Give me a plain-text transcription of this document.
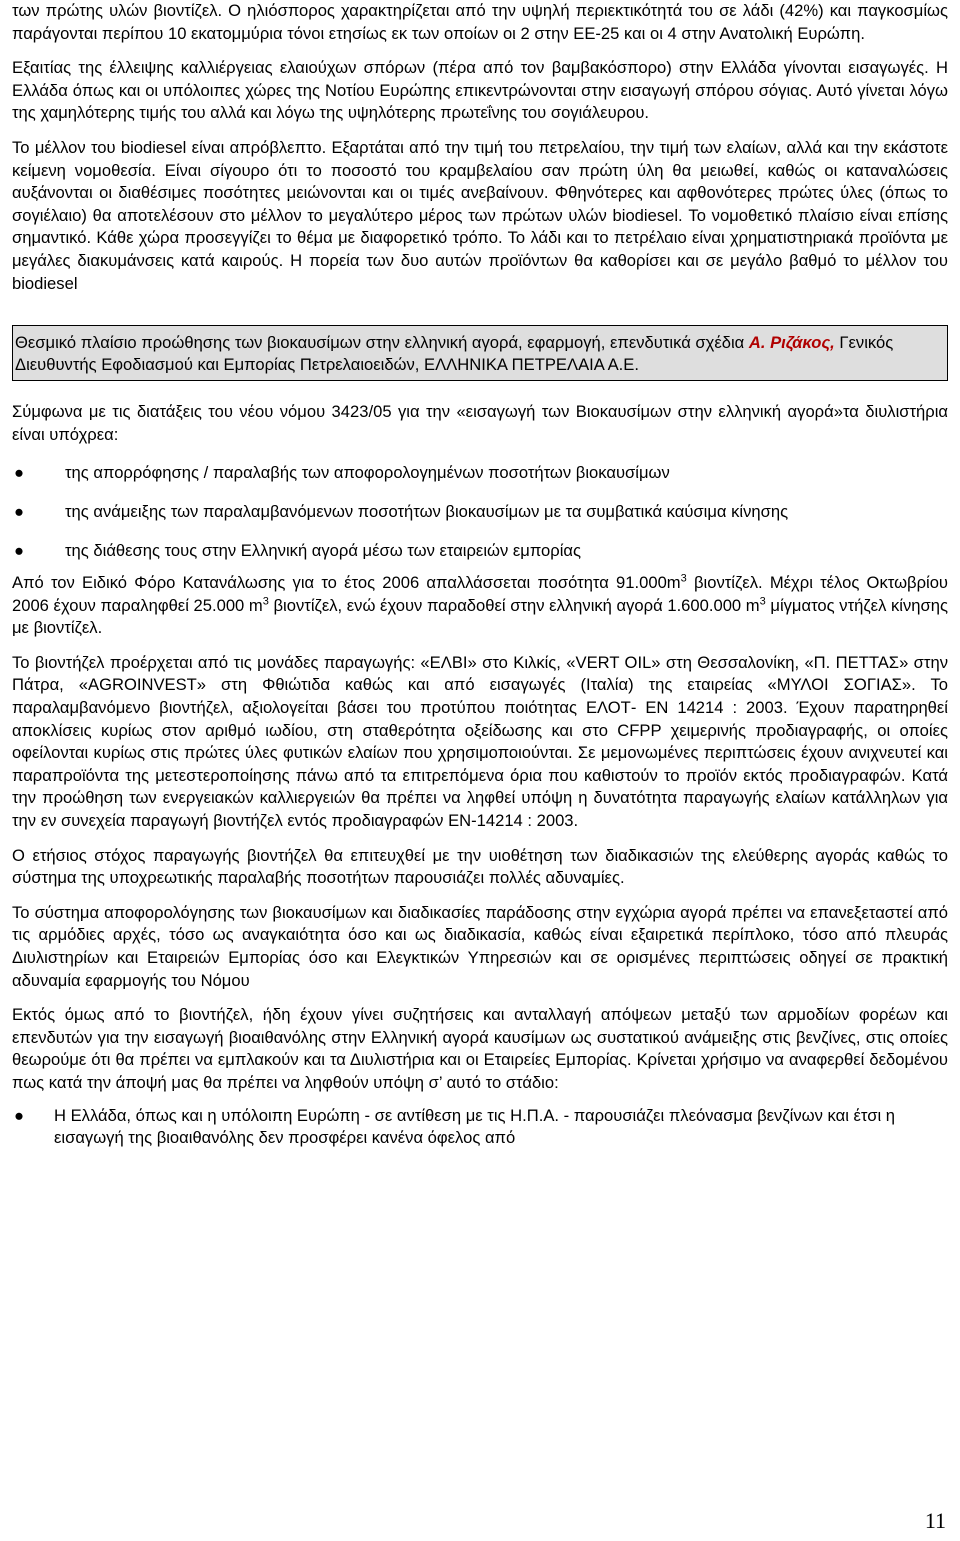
των πρώτης υλών βιοντίζελ. Ο ηλιόσπορος χαρακτηρίζεται από την υψηλή περιεκτικότητά του σε λάδι (42%) και παγκοσμίως παράγονται περίπου 10 εκατομμύρια τόνοι ετησίως εκ των οποίων οι 2 στην ΕΕ-25 και οι 4 στην Ανατολική Ευρώπη.

Εξαιτίας της έλλειψης καλλιέργειας ελαιούχων σπόρων (πέρα από τον βαμβακόσπορο) στην Ελλάδα γίνονται εισαγωγές. Η Ελλάδα όπως και οι υπόλοιπες χώρες της Νοτίου Ευρώπης επικεντρώνονται στην εισαγωγή σπόρου σόγιας. Αυτό γίνεται λόγω της χαμηλότερης τιμής του αλλά και λόγω της υψηλότερης πρωτεΐνης του σογιάλευρου.

Το μέλλον του biodiesel είναι απρόβλεπτο. Εξαρτάται από την τιμή του πετρελαίου, την τιμή των ελαίων, αλλά και την εκάστοτε κείμενη νομοθεσία. Είναι σίγουρο ότι το ποσοστό του κραμβελαίου σαν πρώτη ύλη θα μειωθεί, καθώς οι καταναλώσεις αυξάνονται οι διαθέσιμες ποσότητες μειώνονται και οι τιμές ανεβαίνουν. Φθηνότερες και αφθονότερες πρώτες ύλες (όπως το σογιέλαιο) θα αποτελέσουν στο μέλλον το μεγαλύτερο μέρος των πρώτων υλών biodiesel. Το νομοθετικό πλαίσιο είναι επίσης σημαντικό. Κάθε χώρα προσεγγίζει το θέμα με διαφορετικό τρόπο. Το λάδι και το πετρέλαιο είναι χρηματιστηριακά προϊόντα με μεγάλες διακυμάνσεις κατά καιρούς. Η πορεία των δυο αυτών προϊόντων θα καθορίσει και σε μεγάλο βαθμό το μέλλον του biodiesel

Θεσμικό πλαίσιο προώθησης των βιοκαυσίμων στην ελληνική αγορά, εφαρμογή, επενδυτικά σχέδια Α. Ριζάκος, Γενικός Διευθυντής Εφοδιασμού και Εμπορίας Πετρελαιοειδών, ΕΛΛΗΝΙΚΑ ΠΕΤΡΕΛΑΙΑ Α.Ε.

Σύμφωνα με τις διατάξεις του νέου νόμου 3423/05 για την «εισαγωγή των Βιοκαυσίμων στην ελληνική αγορά»τα διυλιστήρια είναι υπόχρεα:

● της απορρόφησης / παραλαβής των αποφορολογημένων ποσοτήτων βιοκαυσίμων
● της ανάμειξης των παραλαμβανόμενων ποσοτήτων βιοκαυσίμων με τα συμβατικά καύσιμα κίνησης
● της διάθεσης τους στην Ελληνική αγορά μέσω των εταιρειών εμπορίας

Από τον Ειδικό Φόρο Κατανάλωσης για το έτος 2006 απαλλάσσεται ποσότητα $91.000m^3$ βιοντίζελ. Μέχρι τέλος Οκτωβρίου 2006 έχουν παραληφθεί 25.000 $m^3$ βιοντίζελ, ενώ έχουν παραδοθεί στην ελληνική αγορά 1.600.000 $m^3$ μίγματος ντήζελ κίνησης με βιοντίζελ.

Το βιοντήζελ προέρχεται από τις μονάδες παραγωγής: «ΕΛΒΙ» στο Κιλκίς, «VERT OIL» στη Θεσσαλονίκη, «Π. ΠΕΤΤΑΣ» στην Πάτρα, «AGROINVEST» στη Φθιώτιδα καθώς και από εισαγωγές (Ιταλία) της εταιρείας «ΜΥΛΟΙ ΣΟΓΙΑΣ». Το παραλαμβανόμενο βιοντήζελ, αξιολογείται βάσει του προτύπου ποιότητας ΕΛΟΤ- ΕΝ 14214 : 2003. Έχουν παρατηρηθεί αποκλίσεις κυρίως στον αριθμό ιωδίου, στη σταθερότητα οξείδωσης και στο CFPP χειμερινής προδιαγραφής, οι οποίες οφείλονται κυρίως στις πρώτες ύλες φυτικών ελαίων που χρησιμοποιούνται. Σε μεμονωμένες περιπτώσεις έχουν ανιχνευτεί και παραπροϊόντα της μετεστεροποίησης πάνω από τα επιτρεπόμενα όρια που καθιστούν το προϊόν εκτός προδιαγραφών. Κατά την προώθηση των ενεργειακών καλλιεργειών θα πρέπει να ληφθεί υπόψη η δυνατότητα παραγωγής ελαίων κατάλληλων για την εν συνεχεία παραγωγή βιοντήζελ εντός προδιαγραφών ΕΝ-14214 : 2003.

Ο ετήσιος στόχος παραγωγής βιοντήζελ θα επιτευχθεί με την υιοθέτηση των διαδικασιών της ελεύθερης αγοράς καθώς το σύστημα της υποχρεωτικής παραλαβής ποσοτήτων παρουσιάζει πολλές αδυναμίες.

Το σύστημα αποφορολόγησης των βιοκαυσίμων και διαδικασίες παράδοσης στην εγχώρια αγορά πρέπει να επανεξεταστεί από τις αρμόδιες αρχές, τόσο ως αναγκαιότητα όσο και ως διαδικασία, καθώς είναι εξαιρετικά περίπλοκο, τόσο από πλευράς Διυλιστηρίων και Εταιρειών Εμπορίας όσο και Ελεγκτικών Υπηρεσιών και σε ορισμένες περιπτώσεις οδηγεί σε πρακτική αδυναμία εφαρμογής του Νόμου

Εκτός όμως από το βιοντήζελ, ήδη έχουν γίνει συζητήσεις και ανταλλαγή απόψεων μεταξύ των αρμοδίων φορέων και επενδυτών για την εισαγωγή βιοαιθανόλης στην Ελληνική αγορά καυσίμων ως συστατικού ανάμειξης στις βενζίνες, στις οποίες θεωρούμε ότι θα πρέπει να εμπλακούν και τα Διυλιστήρια και οι Εταιρείες Εμπορίας. Κρίνεται χρήσιμο να αναφερθεί δεδομένου πως κατά την άποψή μας θα πρέπει να ληφθούν υπόψη σ’ αυτό το στάδιο:

● Η Ελλάδα, όπως και η υπόλοιπη Ευρώπη - σε αντίθεση με τις Η.Π.Α. - παρουσιάζει πλεόνασμα βενζίνων και έτσι η εισαγωγή της βιοαιθανόλης δεν προσφέρει κανένα όφελος από
11
